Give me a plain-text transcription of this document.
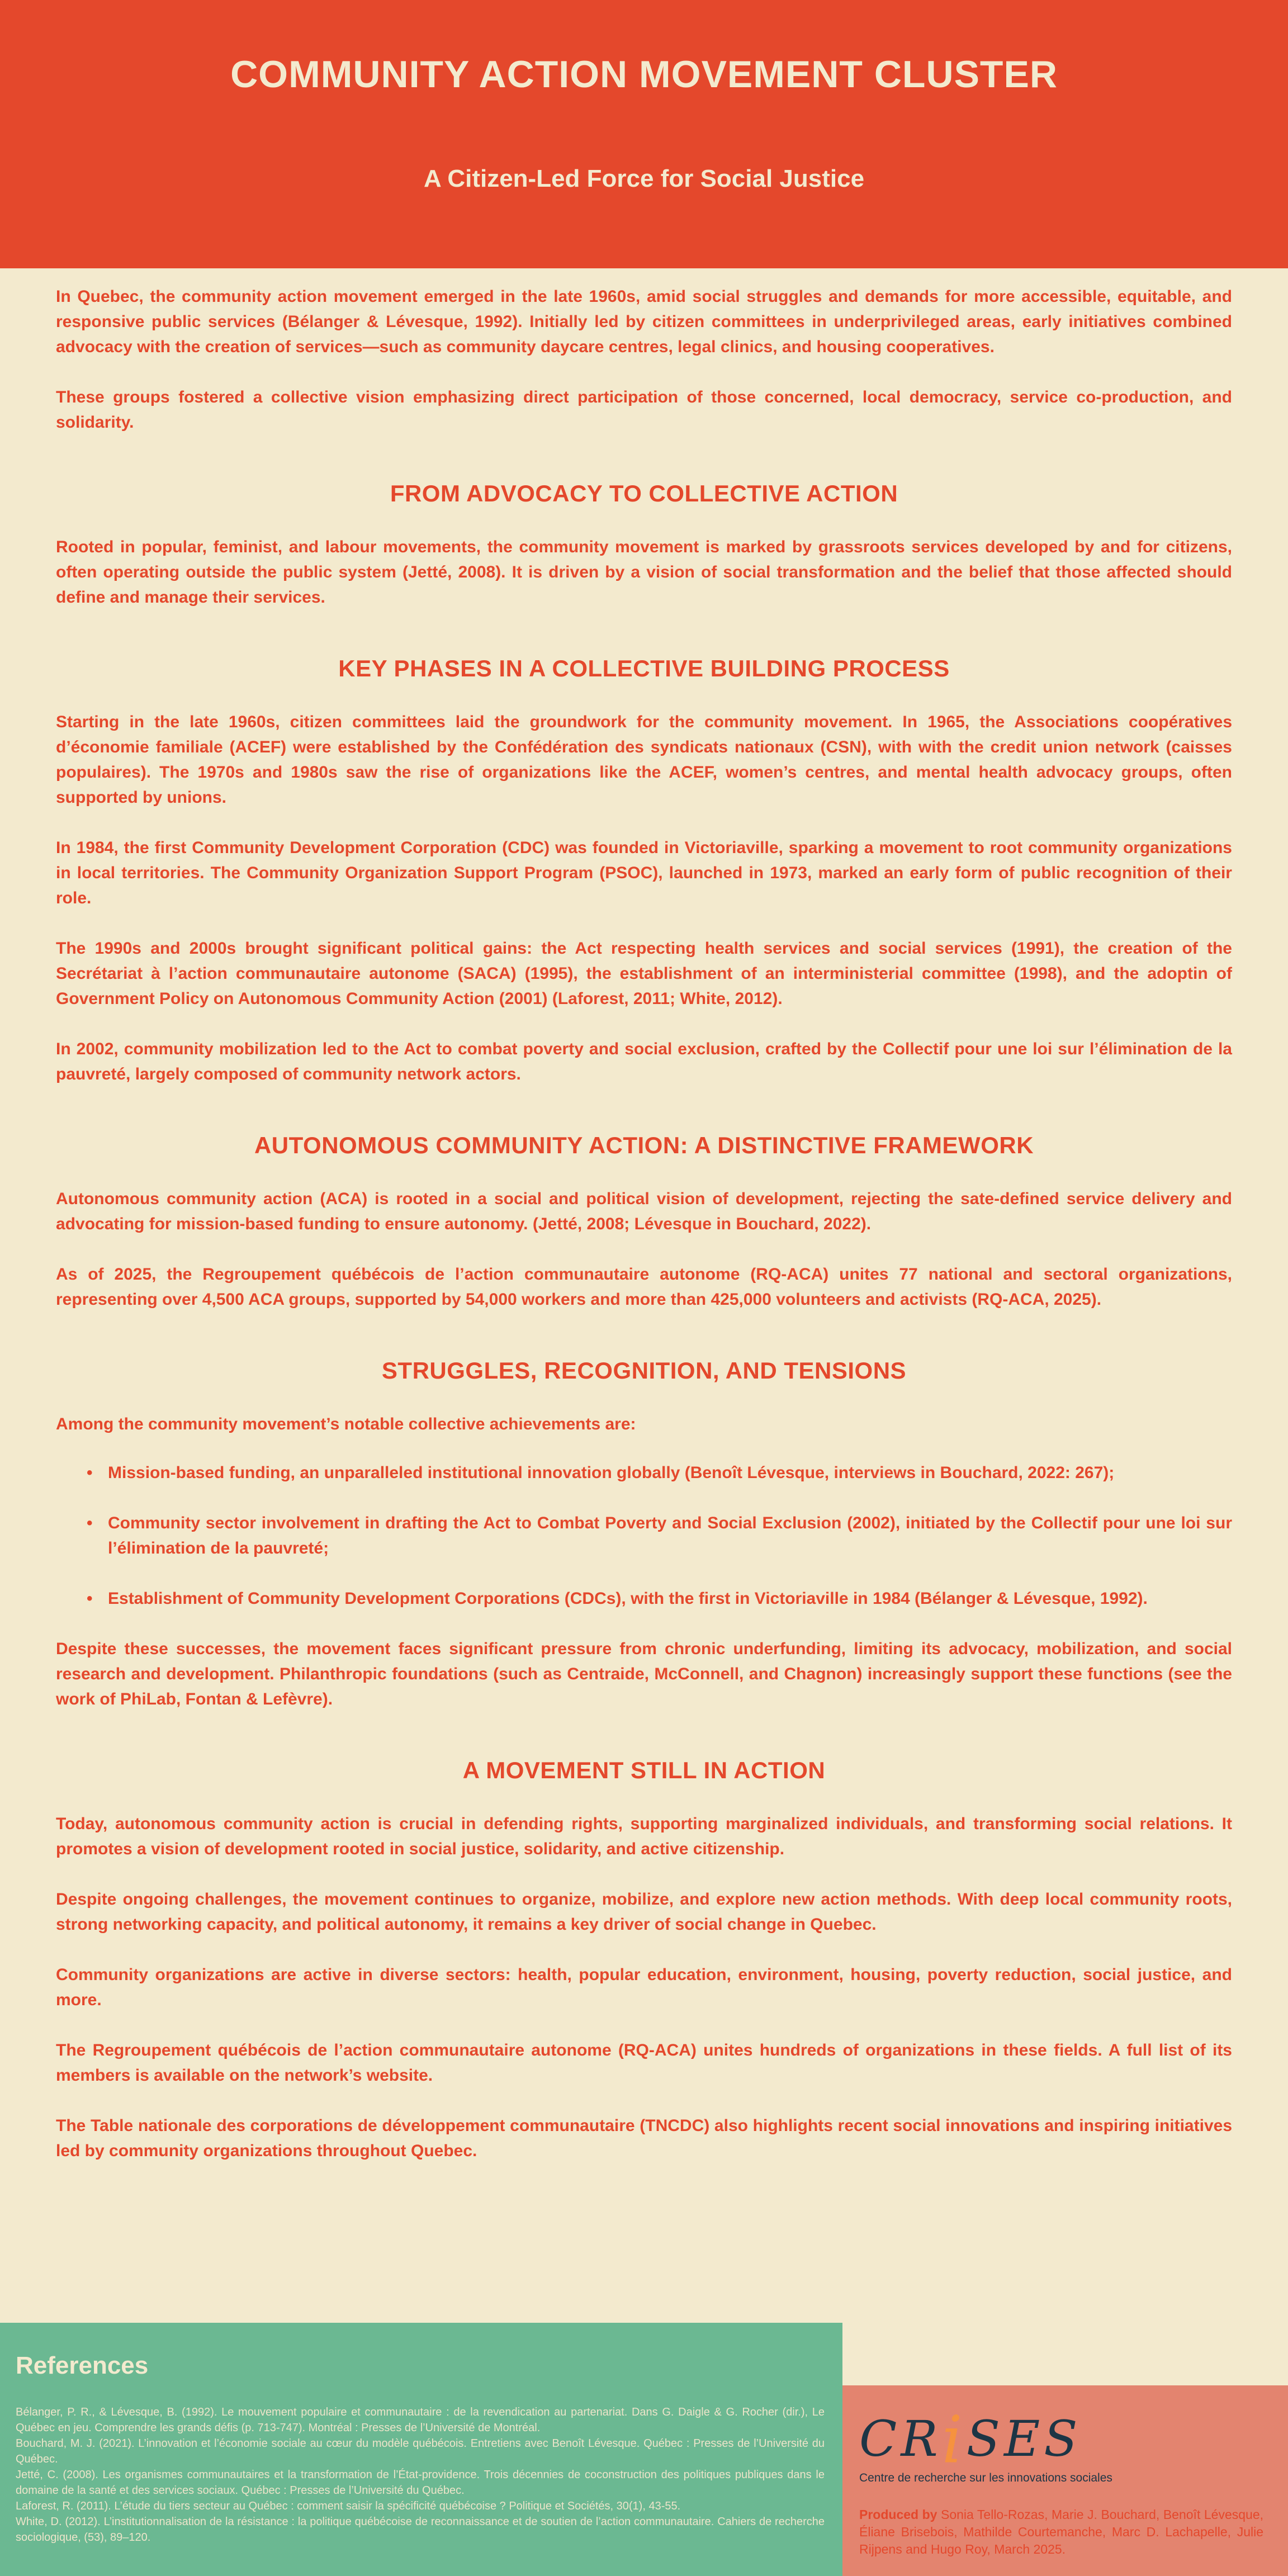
COMMUNITY ACTION MOVEMENT CLUSTER
A Citizen-Led Force for Social Justice

In Quebec, the community action movement emerged in the late 1960s, amid social struggles and demands for more accessible, equitable, and responsive public services (Bélanger & Lévesque, 1992). Initially led by citizen committees in underprivileged areas, early initiatives combined advocacy with the creation of services—such as community daycare centres, legal clinics, and housing cooperatives.

These groups fostered a collective vision emphasizing direct participation of those concerned, local democracy, service co-production, and solidarity.

FROM ADVOCACY TO COLLECTIVE ACTION

Rooted in popular, feminist, and labour movements, the community movement is marked by grassroots services developed by and for citizens, often operating outside the public system (Jetté, 2008). It is driven by a vision of social transformation and the belief that those affected should define and manage their services.

KEY PHASES IN A COLLECTIVE BUILDING PROCESS

Starting in the late 1960s, citizen committees laid the groundwork for the community movement. In 1965, the Associations coopératives d’économie familiale (ACEF) were established by the Confédération des syndicats nationaux (CSN), with with the credit union network (caisses populaires). The 1970s and 1980s saw the rise of organizations like the ACEF, women’s centres, and mental health advocacy groups, often supported by unions.

In 1984, the first Community Development Corporation (CDC) was founded in Victoriaville, sparking a movement to root community organizations in local territories. The Community Organization Support Program (PSOC), launched in 1973, marked an early form of public recognition of their role.

The 1990s and 2000s brought significant political gains: the Act respecting health services and social services (1991), the creation of the Secrétariat à l’action communautaire autonome (SACA) (1995), the establishment of an interministerial committee (1998), and the adoptin of Government Policy on Autonomous Community Action (2001) (Laforest, 2011; White, 2012).

In 2002, community mobilization led to the Act to combat poverty and social exclusion, crafted by the Collectif pour une loi sur l’élimination de la pauvreté, largely composed of community network actors.

AUTONOMOUS COMMUNITY ACTION: A DISTINCTIVE FRAMEWORK

Autonomous community action (ACA) is rooted in a social and political vision of development, rejecting the sate-defined service delivery and advocating for mission-based funding to ensure autonomy. (Jetté, 2008; Lévesque in Bouchard, 2022).

As of 2025, the Regroupement québécois de l’action communautaire autonome (RQ-ACA) unites 77 national and sectoral organizations, representing over 4,500 ACA groups, supported by 54,000 workers and more than 425,000 volunteers and activists (RQ-ACA, 2025).

STRUGGLES, RECOGNITION, AND TENSIONS

Among the community movement’s notable collective achievements are:

• Mission-based funding, an unparalleled institutional innovation globally (Benoît Lévesque, interviews in Bouchard, 2022: 267);
• Community sector involvement in drafting the Act to Combat Poverty and Social Exclusion (2002), initiated by the Collectif pour une loi sur l’élimination de la pauvreté;
• Establishment of Community Development Corporations (CDCs), with the first in Victoriaville in 1984 (Bélanger & Lévesque, 1992).

Despite these successes, the movement faces significant pressure from chronic underfunding, limiting its advocacy, mobilization, and social research and development. Philanthropic foundations (such as Centraide, McConnell, and Chagnon) increasingly support these functions (see the work of PhiLab, Fontan & Lefèvre).

A MOVEMENT STILL IN ACTION

Today, autonomous community action is crucial in defending rights, supporting marginalized individuals, and transforming social relations. It promotes a vision of development rooted in social justice, solidarity, and active citizenship.

Despite ongoing challenges, the movement continues to organize, mobilize, and explore new action methods. With deep local community roots, strong networking capacity, and political autonomy, it remains a key driver of social change in Quebec.

Community organizations are active in diverse sectors: health, popular education, environment, housing, poverty reduction, social justice, and more.

The Regroupement québécois de l’action communautaire autonome (RQ-ACA) unites hundreds of organizations in these fields. A full list of its members is available on the network’s website.

The Table nationale des corporations de développement communautaire (TNCDC) also highlights recent social innovations and inspiring initiatives led by community organizations throughout Quebec.

References
Bélanger, P. R., & Lévesque, B. (1992). Le mouvement populaire et communautaire : de la revendication au partenariat. Dans G. Daigle & G. Rocher (dir.), Le Québec en jeu. Comprendre les grands défis (p. 713-747). Montréal : Presses de l’Université de Montréal.
Bouchard, M. J. (2021). L’innovation et l’économie sociale au cœur du modèle québécois. Entretiens avec Benoît Lévesque. Québec : Presses de l’Université du Québec.
Jetté, C. (2008). Les organismes communautaires et la transformation de l’État-providence. Trois décennies de coconstruction des politiques publiques dans le domaine de la santé et des services sociaux. Québec : Presses de l’Université du Québec.
Laforest, R. (2011). L’étude du tiers secteur au Québec : comment saisir la spécificité québécoise ? Politique et Sociétés, 30(1), 43-55.
White, D. (2012). L’institutionnalisation de la résistance : la politique québécoise de reconnaissance et de soutien de l’action communautaire. Cahiers de recherche sociologique, (53), 89–120.
CRiSES
Centre de recherche sur les innovations sociales
Produced by Sonia Tello-Rozas, Marie J. Bouchard, Benoît Lévesque, Éliane Brisebois, Mathilde Courtemanche, Marc D. Lachapelle, Julie Rijpens and Hugo Roy, March 2025.
